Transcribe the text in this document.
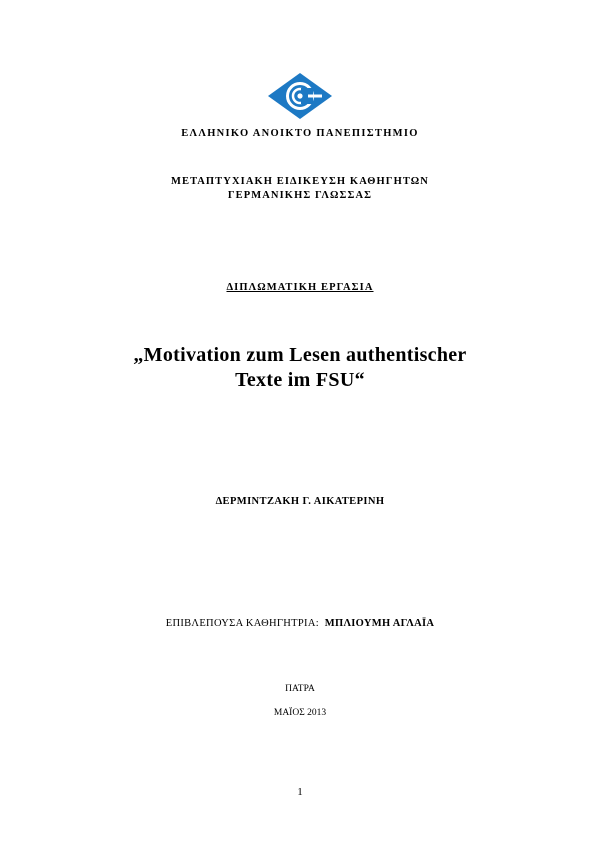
ΕΛΛΗΝΙΚΟ ΑΝΟΙΚΤΟ ΠΑΝΕΠΙΣΤΗΜΙΟ
ΜΕΤΑΠΤΥΧΙΑΚΗ ΕΙΔΙΚΕΥΣΗ ΚΑΘΗΓΗΤΩΝ
ΓΕΡΜΑΝΙΚΗΣ ΓΛΩΣΣΑΣ
ΔΙΠΛΩΜΑΤΙΚΗ ΕΡΓΑΣΙΑ
„Motivation zum Lesen authentischer
Texte im FSU“
ΔΕΡΜΙΝΤΖΑΚΗ Γ. ΑΙΚΑΤΕΡΙΝΗ
ΕΠΙΒΛΕΠΟΥΣΑ ΚΑΘΗΓΗΤΡΙΑ: ΜΠΛΙΟΥΜΗ ΑΓΛΑΪΑ
ΠΑΤΡΑ
ΜΑΪΟΣ 2013
1
